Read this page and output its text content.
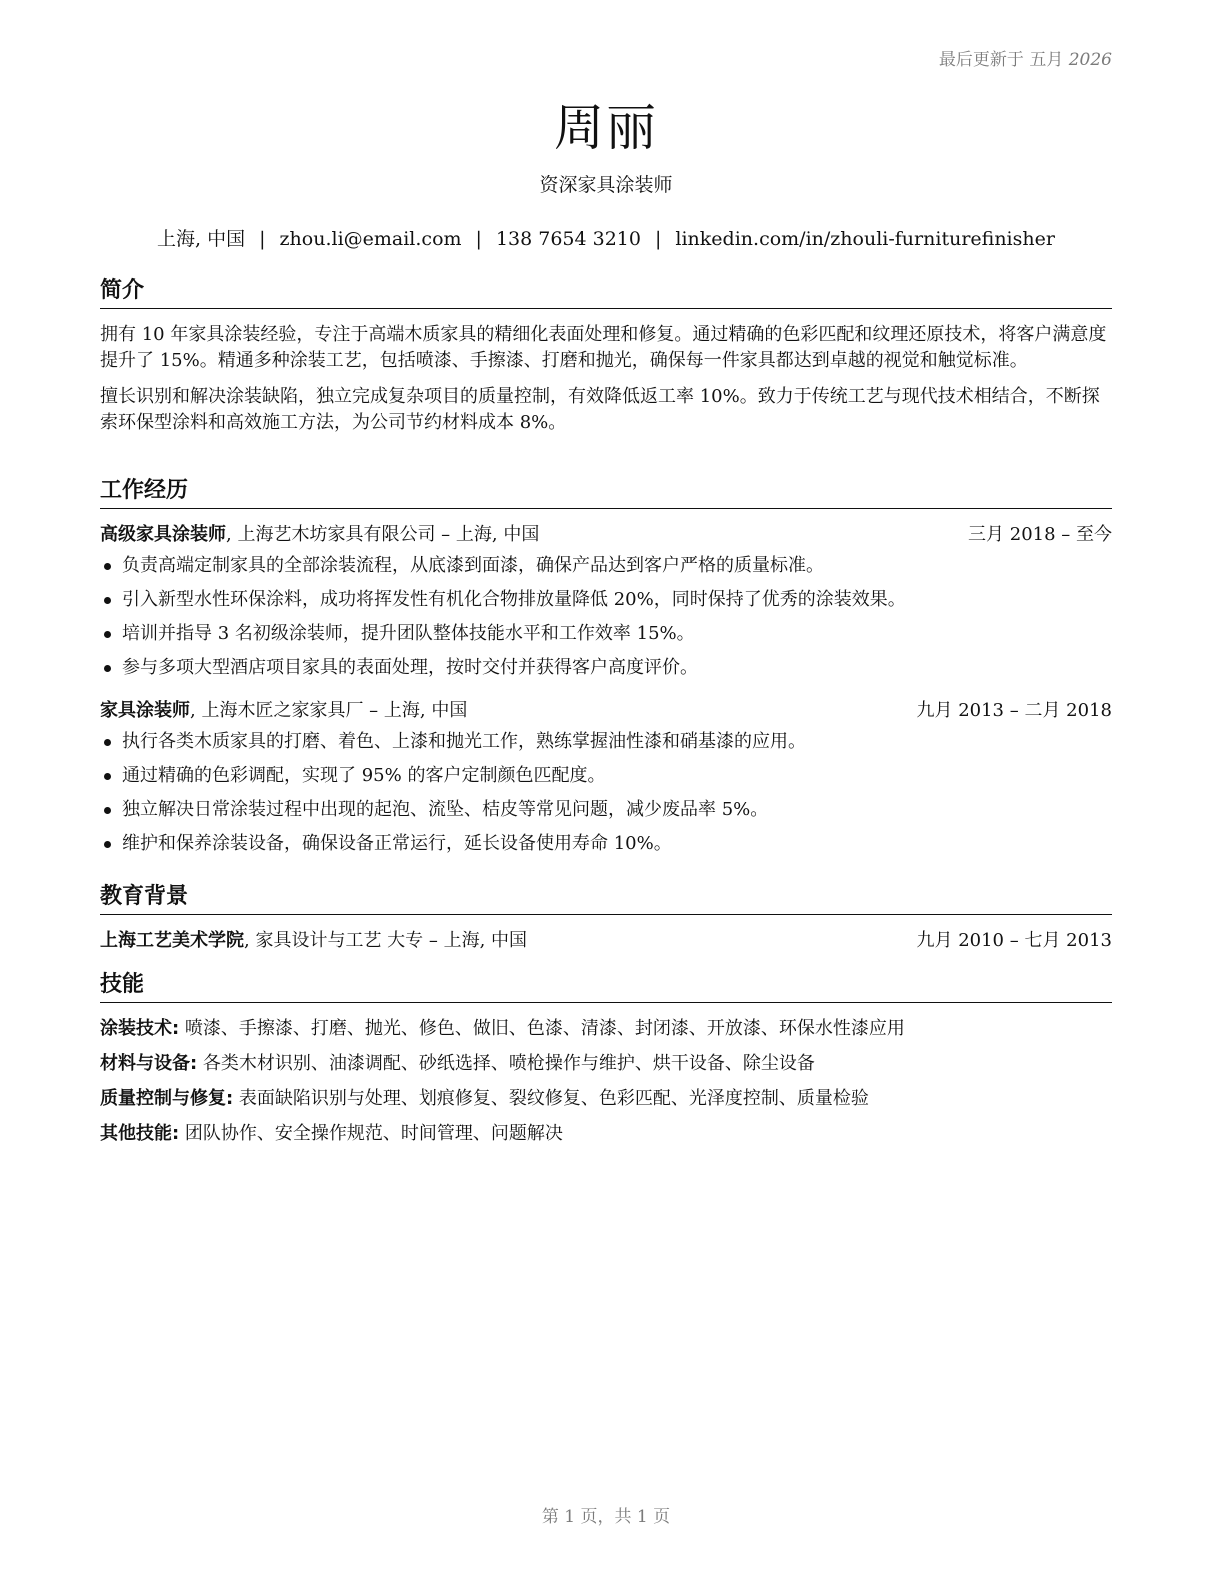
最后更新于 五月 2026
周丽
资深家具涂装师
上海, 中国 | zhou.li@email.com | 138 7654 3210 | linkedin.com/in/zhouli-furniturefinisher
简介

拥有 10 年家具涂装经验，专注于高端木质家具的精细化表面处理和修复。通过精确的色彩匹配和纹理还原技术，将客户满意度提升了 15%。精通多种涂装工艺，包括喷漆、手擦漆、打磨和抛光，确保每一件家具都达到卓越的视觉和触觉标准。

擅长识别和解决涂装缺陷，独立完成复杂项目的质量控制，有效降低返工率 10%。致力于传统工艺与现代技术相结合，不断探索环保型涂料和高效施工方法，为公司节约材料成本 8%。

工作经历
高级家具涂装师, 上海艺木坊家具有限公司 – 上海, 中国	三月 2018 – 至今
负责高端定制家具的全部涂装流程，从底漆到面漆，确保产品达到客户严格的质量标准。
引入新型水性环保涂料，成功将挥发性有机化合物排放量降低 20%，同时保持了优秀的涂装效果。
培训并指导 3 名初级涂装师，提升团队整体技能水平和工作效率 15%。
参与多项大型酒店项目家具的表面处理，按时交付并获得客户高度评价。
家具涂装师, 上海木匠之家家具厂 – 上海, 中国	九月 2013 – 二月 2018
执行各类木质家具的打磨、着色、上漆和抛光工作，熟练掌握油性漆和硝基漆的应用。
通过精确的色彩调配，实现了 95% 的客户定制颜色匹配度。
独立解决日常涂装过程中出现的起泡、流坠、桔皮等常见问题，减少废品率 5%。
维护和保养涂装设备，确保设备正常运行，延长设备使用寿命 10%。
教育背景
上海工艺美术学院, 家具设计与工艺 大专 – 上海, 中国	九月 2010 – 七月 2013
技能
涂装技术: 喷漆、手擦漆、打磨、抛光、修色、做旧、色漆、清漆、封闭漆、开放漆、环保水性漆应用
材料与设备: 各类木材识别、油漆调配、砂纸选择、喷枪操作与维护、烘干设备、除尘设备
质量控制与修复: 表面缺陷识别与处理、划痕修复、裂纹修复、色彩匹配、光泽度控制、质量检验
其他技能: 团队协作、安全操作规范、时间管理、问题解决
第 1 页，共 1 页
